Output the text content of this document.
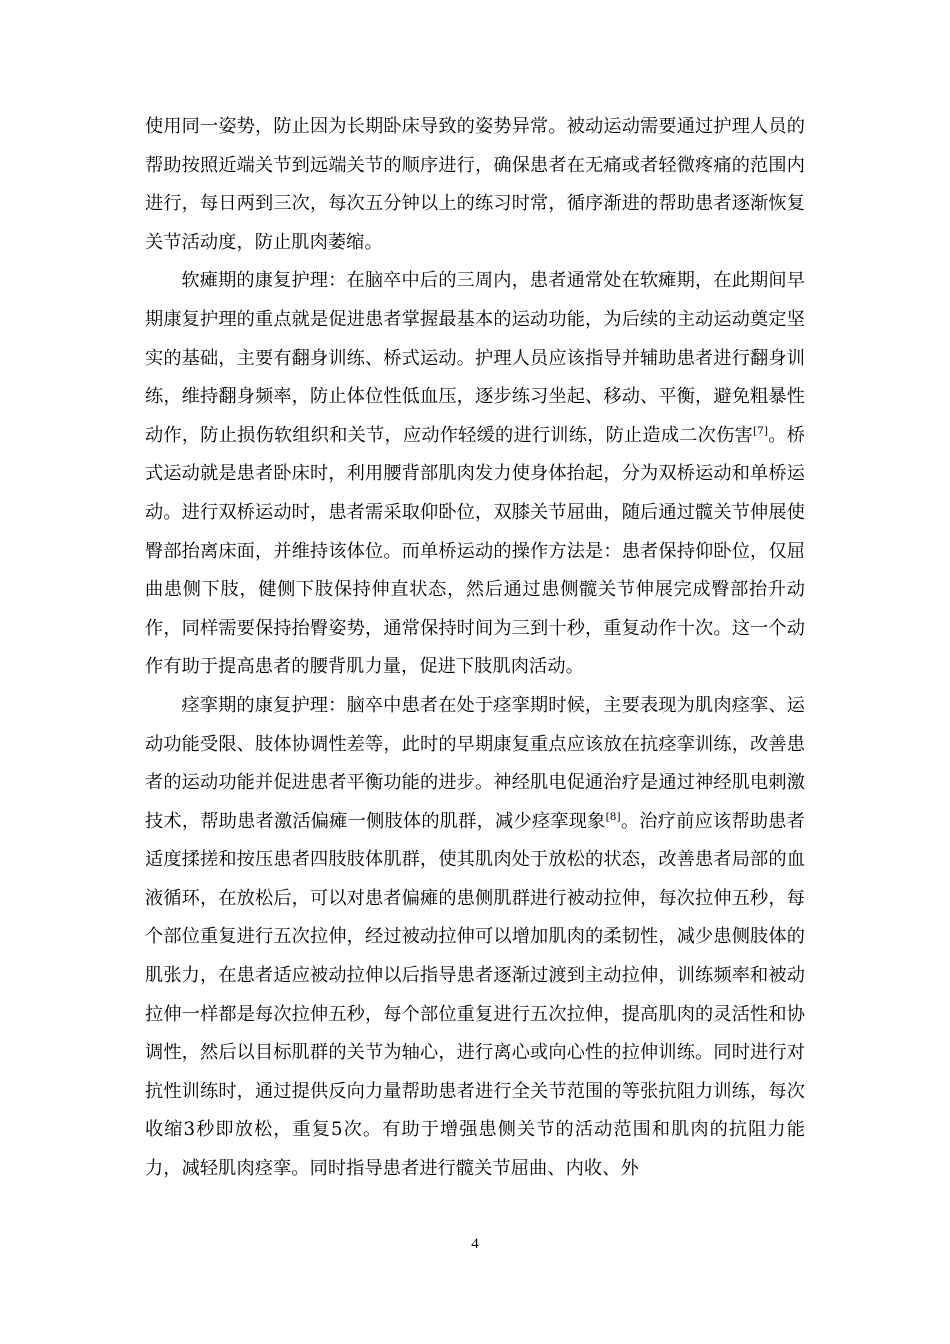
使用同一姿势，防止因为长期卧床导致的姿势异常。被动运动需要通过护理人员的帮助按照近端关节到远端关节的顺序进行，确保患者在无痛或者轻微疼痛的范围内进行，每日两到三次，每次五分钟以上的练习时常，循序渐进的帮助患者逐渐恢复关节活动度，防止肌肉萎缩。

软瘫期的康复护理：在脑卒中后的三周内，患者通常处在软瘫期，在此期间早期康复护理的重点就是促进患者掌握最基本的运动功能，为后续的主动运动奠定坚实的基础，主要有翻身训练、桥式运动。护理人员应该指导并辅助患者进行翻身训练，维持翻身频率，防止体位性低血压，逐步练习坐起、移动、平衡，避免粗暴性动作，防止损伤软组织和关节，应动作轻缓的进行训练，防止造成二次伤害[7]。桥式运动就是患者卧床时，利用腰背部肌肉发力使身体抬起，分为双桥运动和单桥运动。进行双桥运动时，患者需采取仰卧位，双膝关节屈曲，随后通过髋关节伸展使臀部抬离床面，并维持该体位。而单桥运动的操作方法是：患者保持仰卧位，仅屈曲患侧下肢，健侧下肢保持伸直状态，然后通过患侧髋关节伸展完成臀部抬升动作，同样需要保持抬臀姿势，通常保持时间为三到十秒，重复动作十次。这一个动作有助于提高患者的腰背肌力量，促进下肢肌肉活动。

痉挛期的康复护理：脑卒中患者在处于痉挛期时候，主要表现为肌肉痉挛、运动功能受限、肢体协调性差等，此时的早期康复重点应该放在抗痉挛训练，改善患者的运动功能并促进患者平衡功能的进步。神经肌电促通治疗是通过神经肌电刺激技术，帮助患者激活偏瘫一侧肢体的肌群，减少痉挛现象[8]。治疗前应该帮助患者适度揉搓和按压患者四肢肢体肌群，使其肌肉处于放松的状态，改善患者局部的血液循环，在放松后，可以对患者偏瘫的患侧肌群进行被动拉伸，每次拉伸五秒，每个部位重复进行五次拉伸，经过被动拉伸可以增加肌肉的柔韧性，减少患侧肢体的肌张力，在患者适应被动拉伸以后指导患者逐渐过渡到主动拉伸，训练频率和被动拉伸一样都是每次拉伸五秒，每个部位重复进行五次拉伸，提高肌肉的灵活性和协调性，然后以目标肌群的关节为轴心，进行离心或向心性的拉伸训练。同时进行对抗性训练时，通过提供反向力量帮助患者进行全关节范围的等张抗阻力训练，每次收缩3秒即放松，重复5次。有助于增强患侧关节的活动范围和肌肉的抗阻力能力，减轻肌肉痉挛。同时指导患者进行髋关节屈曲、内收、外

4
